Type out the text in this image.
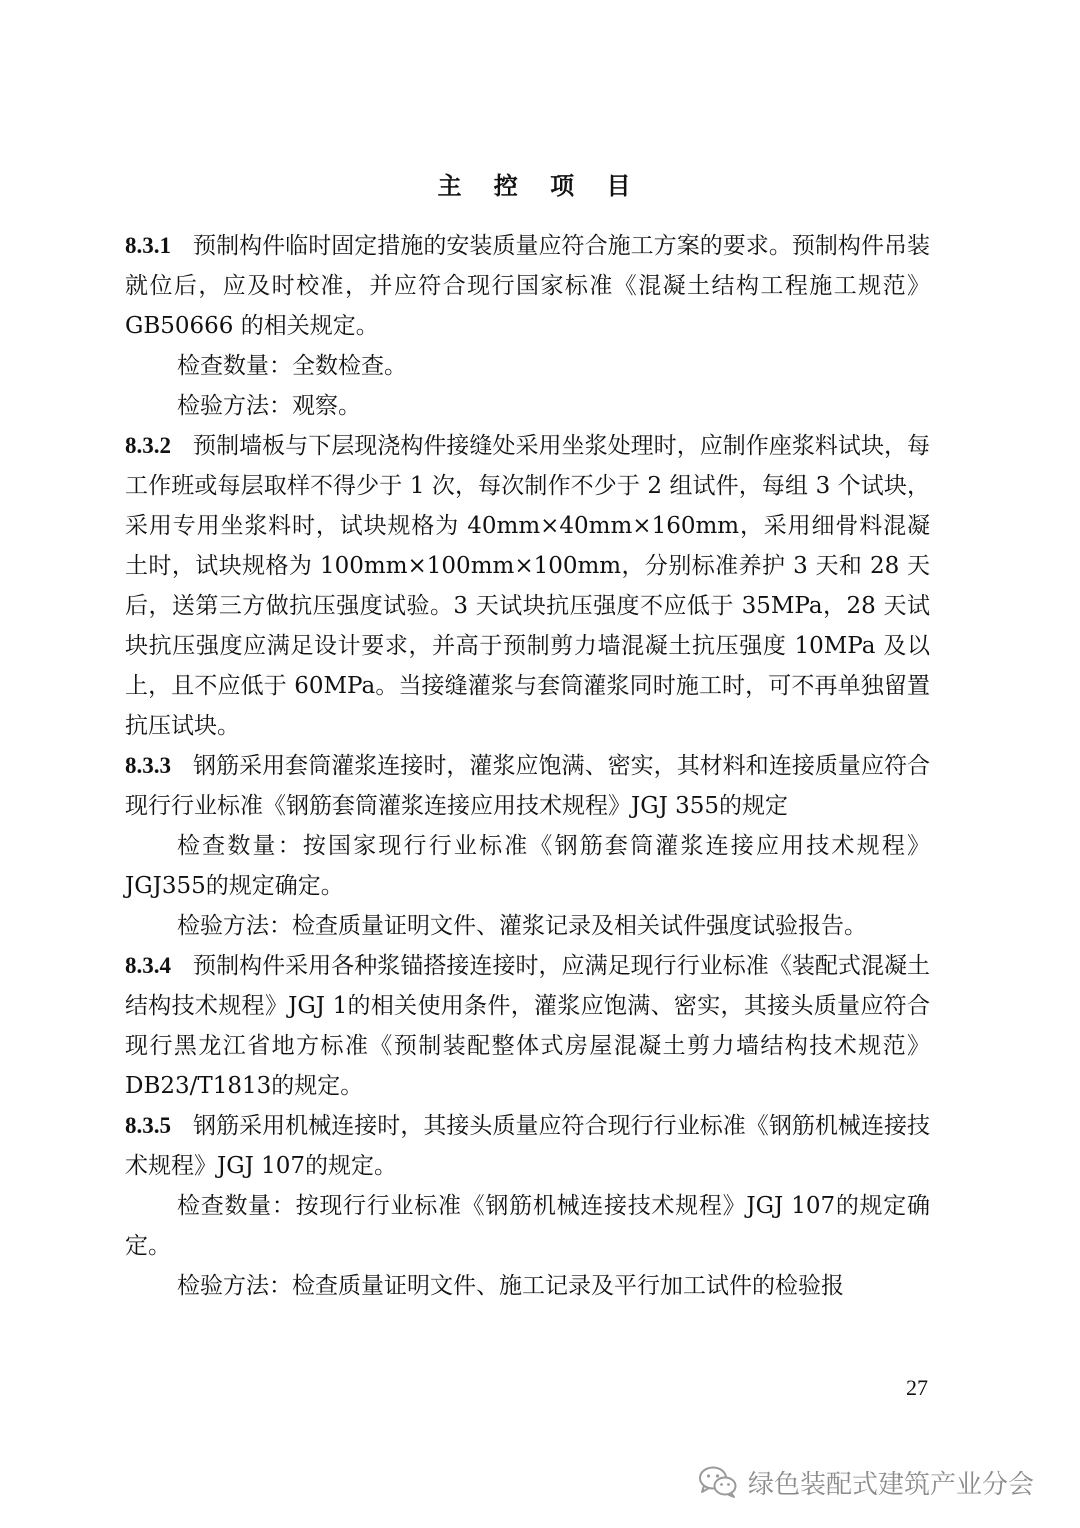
主 控 项 目

8.3.1 预制构件临时固定措施的安装质量应符合施工方案的要求。预制构件吊装就位后，应及时校准，并应符合现行国家标准《混凝土结构工程施工规范》GB50666 的相关规定。

检查数量：全数检查。

检验方法：观察。

8.3.2 预制墙板与下层现浇构件接缝处采用坐浆处理时，应制作座浆料试块，每工作班或每层取样不得少于 1 次，每次制作不少于 2 组试件，每组 3 个试块，采用专用坐浆料时，试块规格为 40mm×40mm×160mm，采用细骨料混凝土时，试块规格为 100mm×100mm×100mm，分别标准养护 3 天和 28 天后，送第三方做抗压强度试验。3 天试块抗压强度不应低于 35MPa，28 天试块抗压强度应满足设计要求，并高于预制剪力墙混凝土抗压强度 10MPa 及以上，且不应低于 60MPa。当接缝灌浆与套筒灌浆同时施工时，可不再单独留置抗压试块。

8.3.3 钢筋采用套筒灌浆连接时，灌浆应饱满、密实，其材料和连接质量应符合现行行业标准《钢筋套筒灌浆连接应用技术规程》JGJ 355的规定

检查数量：按国家现行行业标准《钢筋套筒灌浆连接应用技术规程》JGJ355的规定确定。

检验方法：检查质量证明文件、灌浆记录及相关试件强度试验报告。

8.3.4 预制构件采用各种浆锚搭接连接时，应满足现行行业标准《装配式混凝土结构技术规程》JGJ 1的相关使用条件，灌浆应饱满、密实，其接头质量应符合现行黑龙江省地方标准《预制装配整体式房屋混凝土剪力墙结构技术规范》DB23/T1813的规定。

8.3.5 钢筋采用机械连接时，其接头质量应符合现行行业标准《钢筋机械连接技术规程》JGJ 107的规定。

检查数量：按现行行业标准《钢筋机械连接技术规程》JGJ 107的规定确定。

检验方法：检查质量证明文件、施工记录及平行加工试件的检验报

27
绿色装配式建筑产业分会
